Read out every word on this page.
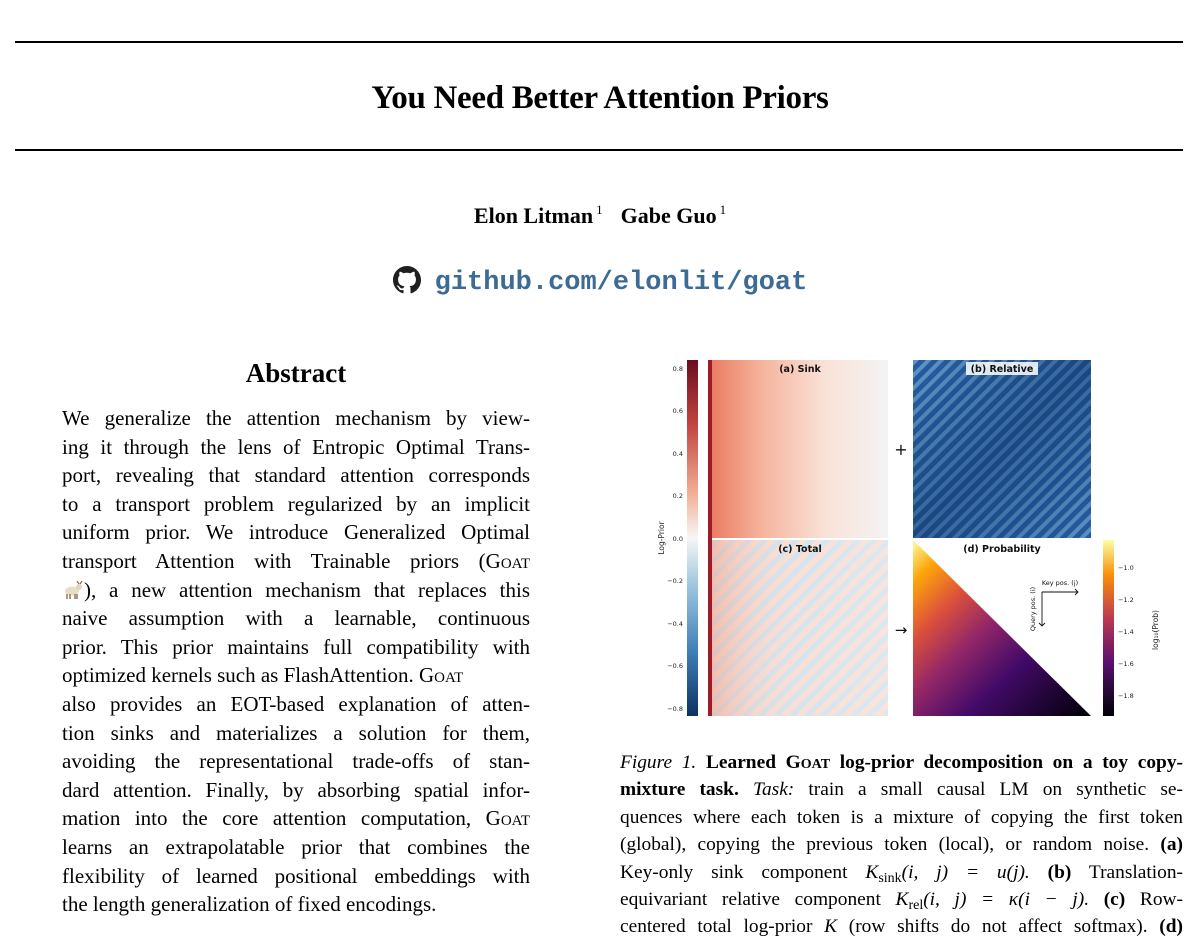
You Need Better Attention Priors
Elon Litman $^1$ Gabe Guo $^1$
github.com/elonlit/goat
Abstract
We generalize the attention mechanism by view-
ing it through the lens of Entropic Optimal Trans-
port, revealing that standard attention corresponds
to a transport problem regularized by an implicit
uniform prior. We introduce Generalized Optimal
transport Attention with Trainable priors (Goat
), a new attention mechanism that replaces this
naive assumption with a learnable, continuous
prior. This prior maintains full compatibility with
optimized kernels such as FlashAttention. Goat
also provides an EOT-based explanation of atten-
tion sinks and materializes a solution for them,
avoiding the representational trade-offs of stan-
dard attention. Finally, by absorbing spatial infor-
mation into the core attention computation, Goat
learns an extrapolatable prior that combines the
flexibility of learned positional embeddings with
the length generalization of fixed encodings.
0.8
0.6
0.4
0.2
0.0
−0.2
−0.4
−0.6
−0.8
Log-Prior
(a) Sink
+
(b) Relative
(c) Total
→
(d) Probability
Key pos. (j)
Query pos. (i)
−1.0
−1.2
−1.4
−1.6
−1.8
log₁₀(Prob)
Figure 1. Learned Goat log-prior decomposition on a toy copy-
mixture task. Task: train a small causal LM on synthetic se-
quences where each token is a mixture of copying the first token
(global), copying the previous token (local), or random noise. (a)
Key-only sink component $K_{sink}(i$, j) = u(j). (b) Translation-
equivariant relative component $K_{rel}(i$, j) = κ(i − j). (c) Row-
centered total log-prior K (row shifts do not affect softmax). (d)
